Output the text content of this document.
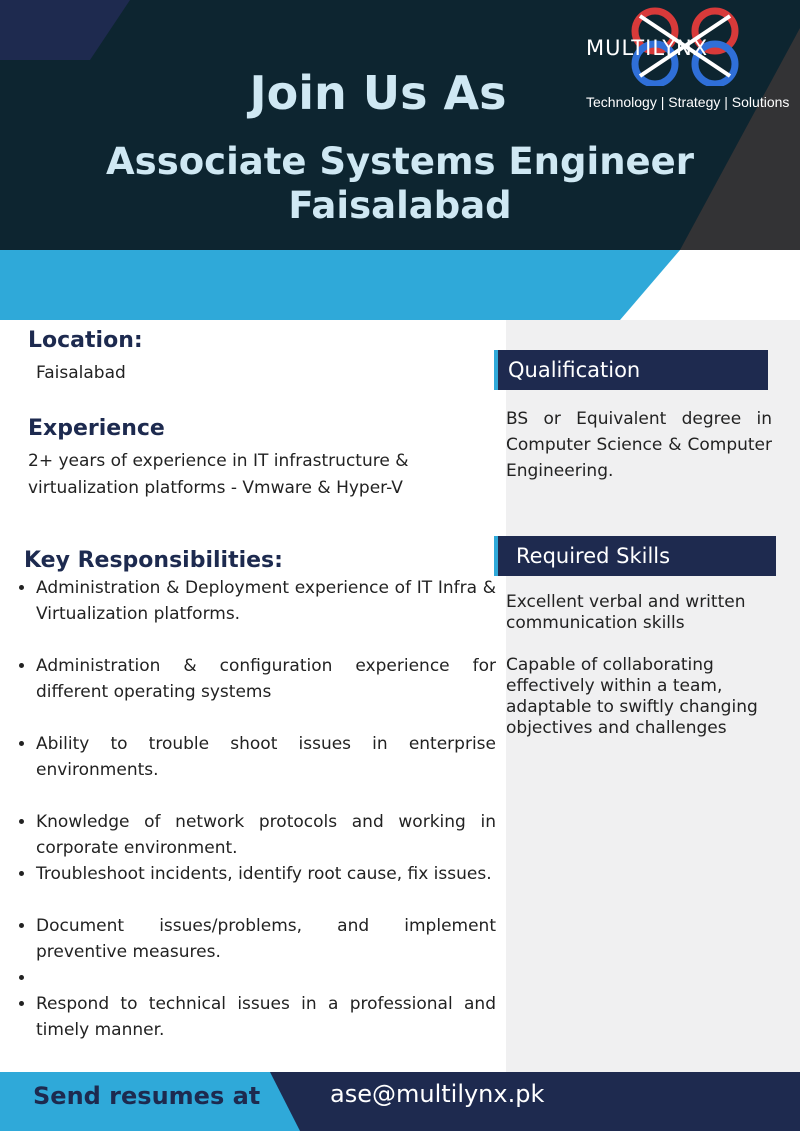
MULTILYNX
Technology | Strategy | Solutions
Join Us As
Associate Systems Engineer
Faisalabad
Location:
Faisalabad
Experience
2+ years of experience in IT infrastructure & virtualization platforms - Vmware & Hyper-V
Key Responsibilities:
• Administration & Deployment experience of IT Infra & Virtualization platforms.
• Administration & configuration experience for different operating systems
• Ability to trouble shoot issues in enterprise environments.
• Knowledge of network protocols and working in corporate environment.
• Troubleshoot incidents, identify root cause, fix issues.
• Document issues/problems, and implement preventive measures.
•
• Respond to technical issues in a professional and timely manner.
Qualification
BS or Equivalent degree in Computer Science & Computer Engineering.
Required Skills
Excellent verbal and written communication skills
Capable of collaborating effectively within a team, adaptable to swiftly changing objectives and challenges
Send resumes at	ase@multilynx.pk
